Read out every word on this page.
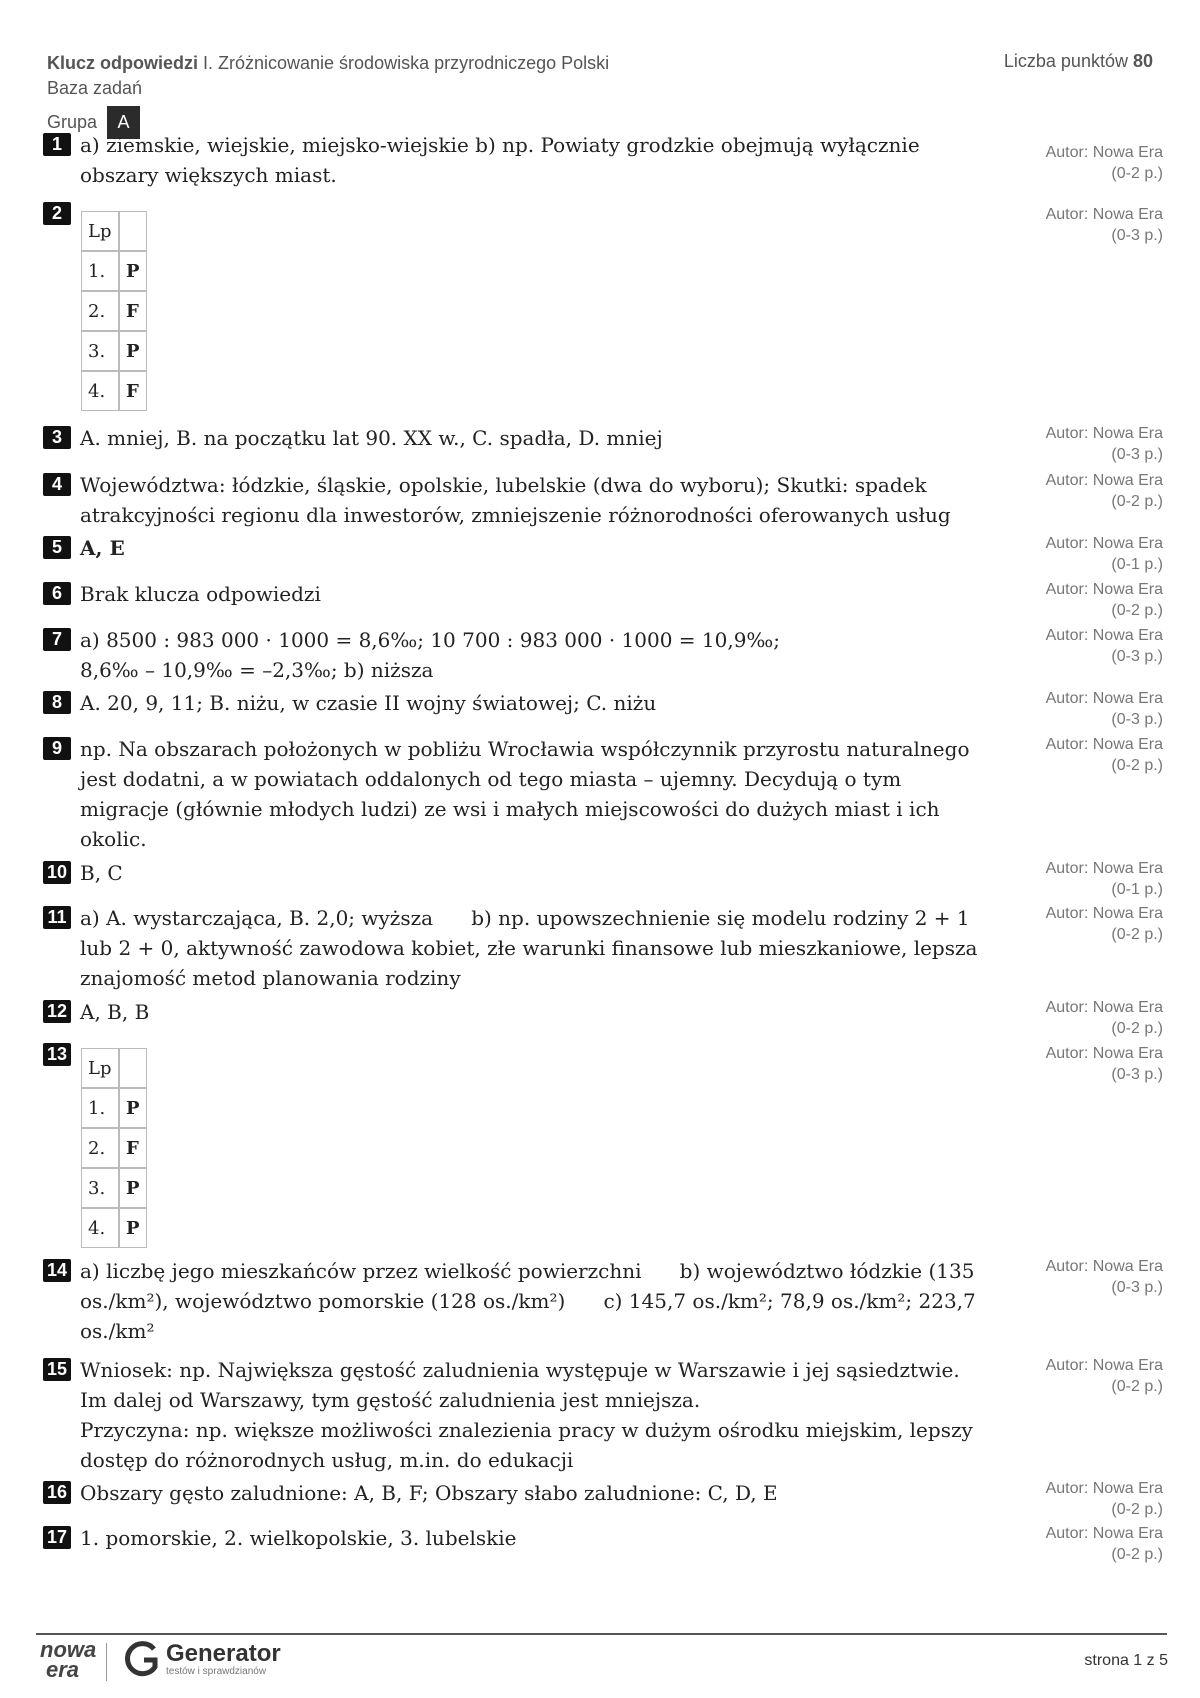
Klucz odpowiedzi I. Zróżnicowanie środowiska przyrodniczego Polski
Baza zadań
Liczba punktów 80
Grupa	A
1 a) ziemskie, wiejskie, miejsko-wiejskie b) np. Powiaty grodzkie obejmują wyłącznie
obszary większych miast.
Autor: Nowa Era
(0-2 p.)
2
Lp	
1.	P
2.	F
3.	P
4.	F
Autor: Nowa Era
(0-3 p.)
3 A. mniej, B. na początku lat 90. XX w., C. spadła, D. mniej	Autor: Nowa Era
(0-3 p.)
4 Województwa: łódzkie, śląskie, opolskie, lubelskie (dwa do wyboru); Skutki: spadek
atrakcyjności regionu dla inwestorów, zmniejszenie różnorodności oferowanych usług
Autor: Nowa Era
(0-2 p.)
5 A, E	Autor: Nowa Era
(0-1 p.)
6 Brak klucza odpowiedzi	Autor: Nowa Era
(0-2 p.)
7 a) 8500 : 983 000 · 1000 = 8,6‰; 10 700 : 983 000 · 1000 = 10,9‰;
8,6‰ – 10,9‰ = –2,3‰; b) niższa
Autor: Nowa Era
(0-3 p.)
8 A. 20, 9, 11; B. niżu, w czasie II wojny światowej; C. niżu	Autor: Nowa Era
(0-3 p.)
9 np. Na obszarach położonych w pobliżu Wrocławia współczynnik przyrostu naturalnego
jest dodatni, a w powiatach oddalonych od tego miasta – ujemny. Decydują o tym
migracje (głównie młodych ludzi) ze wsi i małych miejscowości do dużych miast i ich
okolic.
Autor: Nowa Era
(0-2 p.)
10 B, C	Autor: Nowa Era
(0-1 p.)
11 a) A. wystarczająca, B. 2,0; wyższa      b) np. upowszechnienie się modelu rodziny 2 + 1
lub 2 + 0, aktywność zawodowa kobiet, złe warunki finansowe lub mieszkaniowe, lepsza
znajomość metod planowania rodziny
Autor: Nowa Era
(0-2 p.)
12 A, B, B	Autor: Nowa Era
(0-2 p.)
13
Lp	
1.	P
2.	F
3.	P
4.	P
Autor: Nowa Era
(0-3 p.)
14 a) liczbę jego mieszkańców przez wielkość powierzchni      b) województwo łódzkie (135
os./km²), województwo pomorskie (128 os./km²)      c) 145,7 os./km²; 78,9 os./km²; 223,7
os./km²
Autor: Nowa Era
(0-3 p.)
15 Wniosek: np. Największa gęstość zaludnienia występuje w Warszawie i jej sąsiedztwie.
Im dalej od Warszawy, tym gęstość zaludnienia jest mniejsza.
Przyczyna: np. większe możliwości znalezienia pracy w dużym ośrodku miejskim, lepszy
dostęp do różnorodnych usług, m.in. do edukacji
Autor: Nowa Era
(0-2 p.)
16 Obszary gęsto zaludnione: A, B, F; Obszary słabo zaludnione: C, D, E	Autor: Nowa Era
(0-2 p.)
17 1. pomorskie, 2. wielkopolskie, 3. lubelskie	Autor: Nowa Era
(0-2 p.)
nowa
era
Generator
testów i sprawdzianów
strona 1 z 5
